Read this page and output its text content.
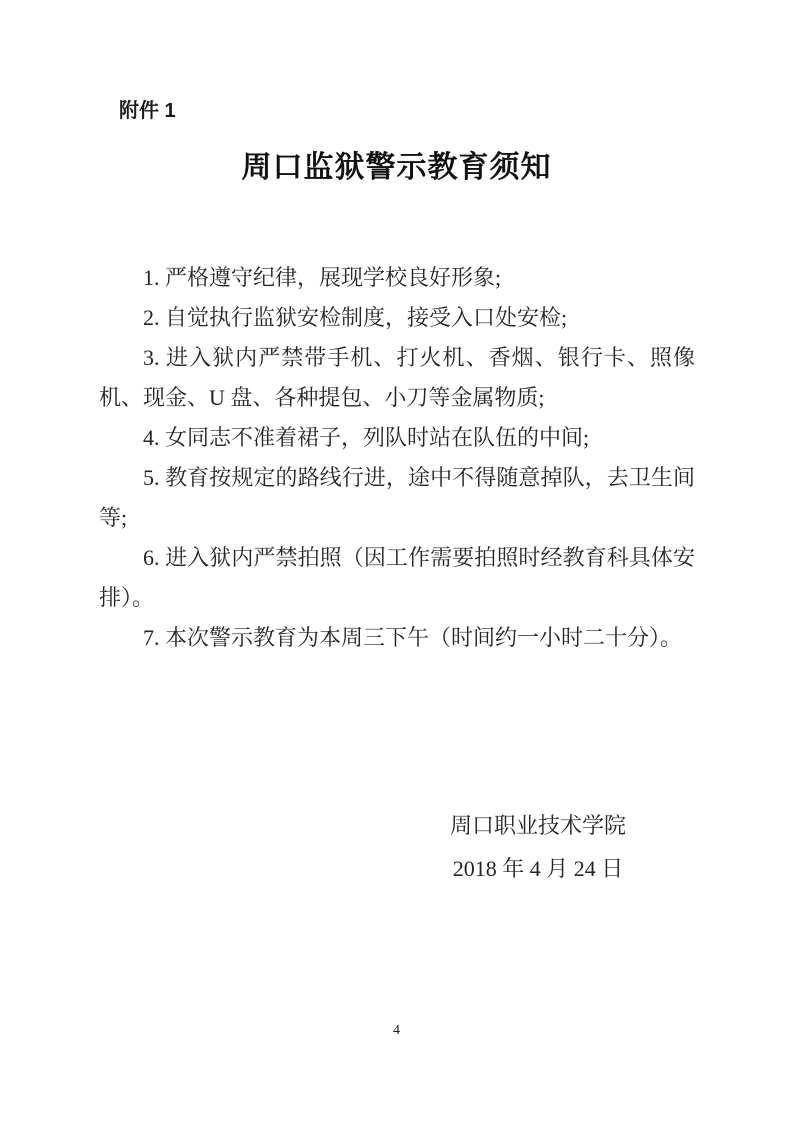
附件 1
周口监狱警示教育须知

1. 严格遵守纪律，展现学校良好形象;

2. 自觉执行监狱安检制度，接受入口处安检;

3. 进入狱内严禁带手机、打火机、香烟、银行卡、照像机、现金、U 盘、各种提包、小刀等金属物质;

4. 女同志不准着裙子，列队时站在队伍的中间;

5. 教育按规定的路线行进，途中不得随意掉队，去卫生间等;

6. 进入狱内严禁拍照（因工作需要拍照时经教育科具体安排）。

7. 本次警示教育为本周三下午（时间约一小时二十分）。

周口职业技术学院
2018 年 4 月 24 日
4
